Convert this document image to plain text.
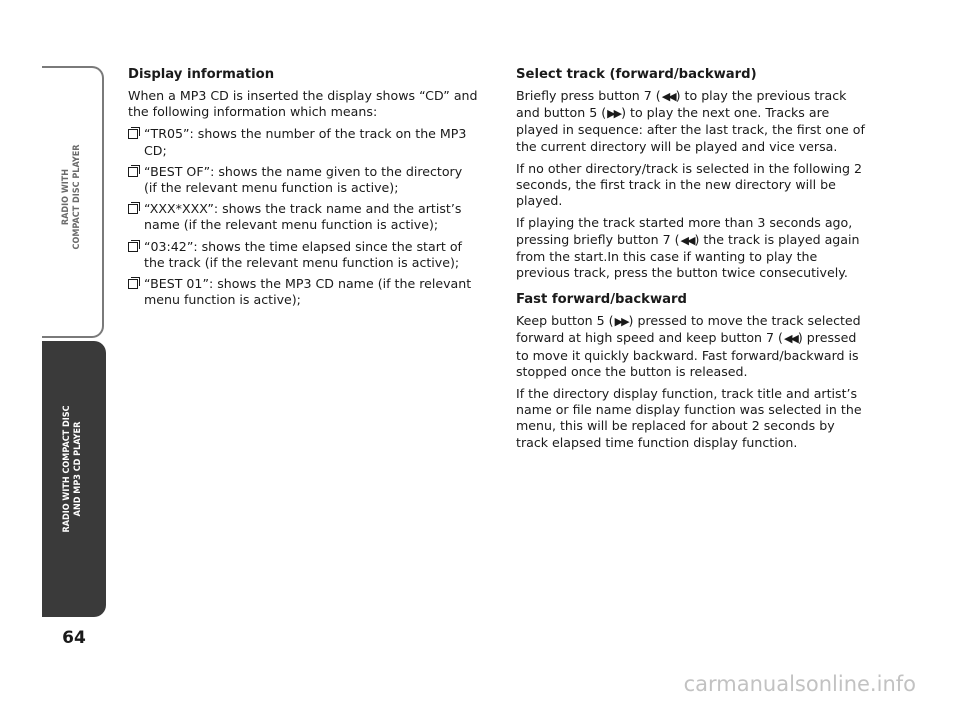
RADIO WITH COMPACT DISC PLAYER
RADIO WITH COMPACT DISC AND MP3 CD PLAYER
64
Display information

When a MP3 CD is inserted the display shows “CD” and the following information which means:

“TR05”: shows the number of the track on the MP3 CD;
“BEST OF”: shows the name given to the directory (if the relevant menu function is active);
“XXX*XXX”: shows the track name and the artist’s name (if the relevant menu function is active);
“03:42”: shows the time elapsed since the start of the track (if the relevant menu function is active);
“BEST 01”: shows the MP3 CD name (if the relevant menu function is active);
Select track (forward/backward)

Briefly press button 7 (◀◀) to play the previous track and button 5 (▶▶) to play the next one. Tracks are played in sequence: after the last track, the first one of the current directory will be played and vice versa.

If no other directory/track is selected in the following 2 seconds, the first track in the new directory will be played.

If playing the track started more than 3 seconds ago, pressing briefly button 7 (◀◀) the track is played again from the start.In this case if wanting to play the previous track, press the button twice consecutively.

Fast forward/backward

Keep button 5 (▶▶) pressed to move the track selected forward at high speed and keep button 7 (◀◀) pressed to move it quickly backward. Fast forward/backward is stopped once the button is released.

If the directory display function, track title and artist’s name or file name display function was selected in the menu, this will be replaced for about 2 seconds by track elapsed time function display function.

carmanualsonline.info
